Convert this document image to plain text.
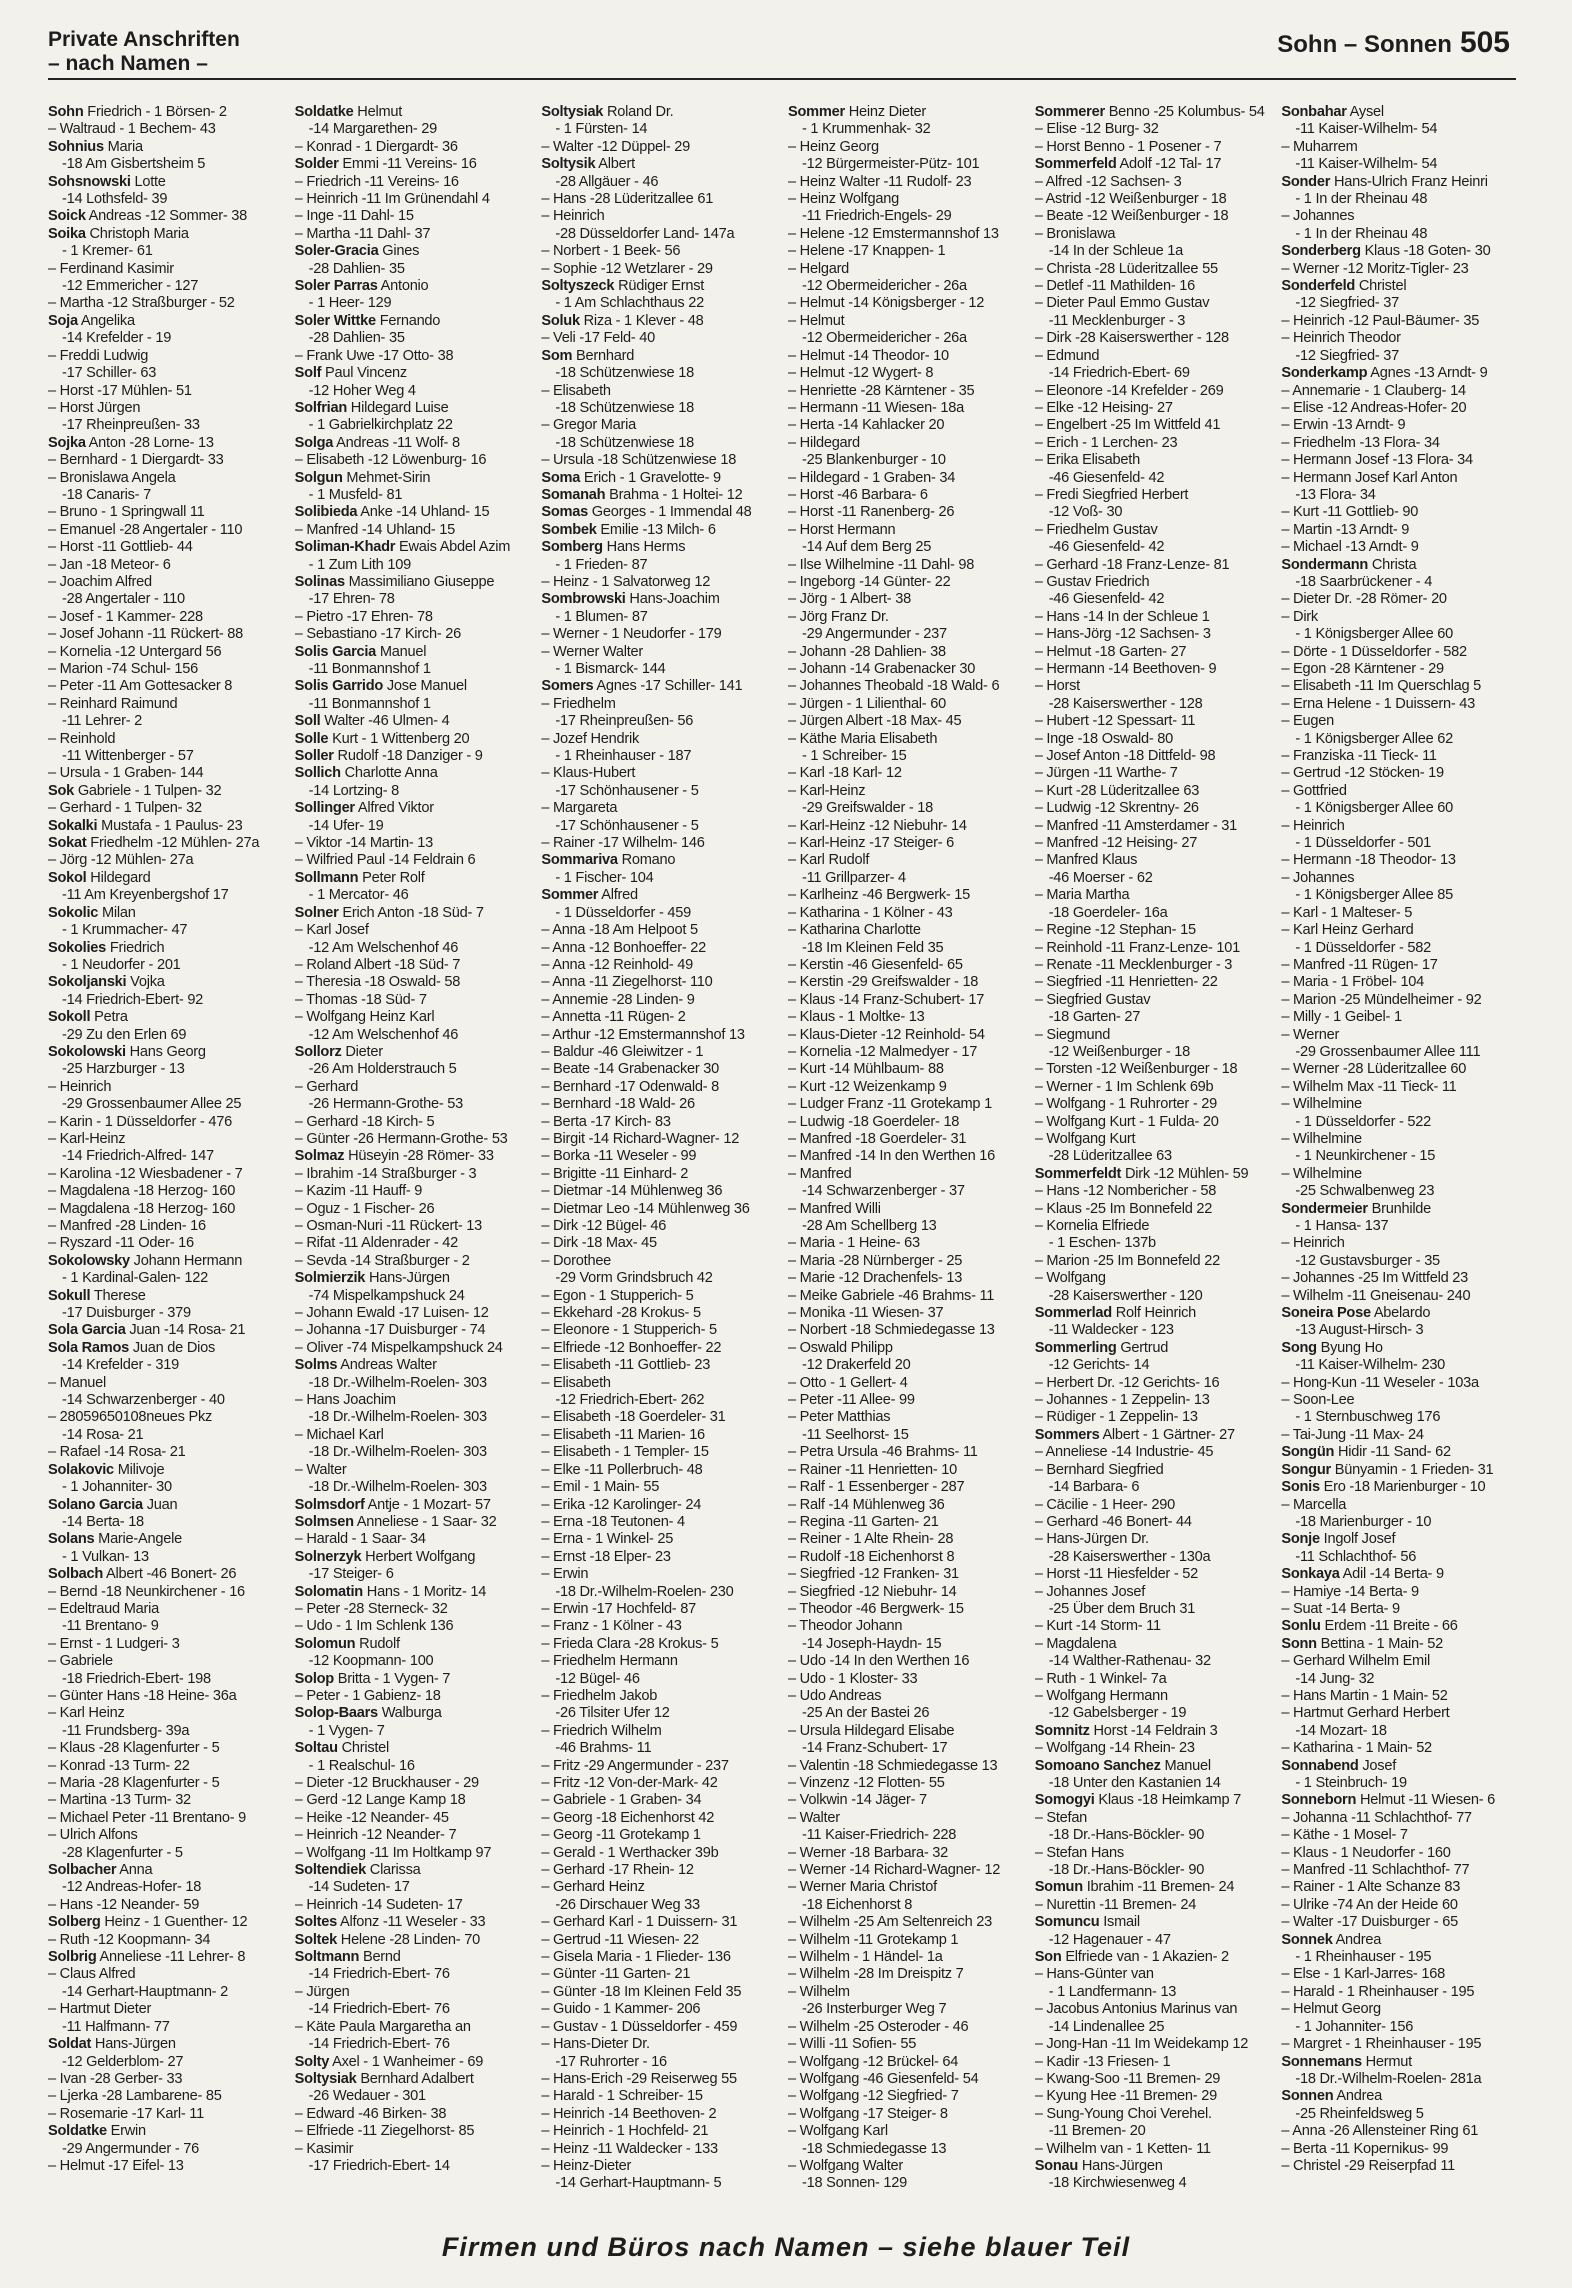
Private Anschriften
– nach Namen –
Sohn – Sonnen 505
Sohn Friedrich - 1 Börsen- 2
– Waltraud - 1 Bechem- 43
Sohnius Maria
-18 Am Gisbertsheim 5
Sohsnowski Lotte
-14 Lothsfeld- 39
Soick Andreas -12 Sommer- 38
Soika Christoph Maria
- 1 Kremer- 61
– Ferdinand Kasimir
-12 Emmericher - 127
– Martha -12 Straßburger - 52
Soja Angelika
-14 Krefelder - 19
– Freddi Ludwig
-17 Schiller- 63
– Horst -17 Mühlen- 51
– Horst Jürgen
-17 Rheinpreußen- 33
Sojka Anton -28 Lorne- 13
– Bernhard - 1 Diergardt- 33
– Bronislawa Angela
-18 Canaris- 7
– Bruno - 1 Springwall 11
– Emanuel -28 Angertaler - 110
– Horst -11 Gottlieb- 44
– Jan -18 Meteor- 6
– Joachim Alfred
-28 Angertaler - 110
– Josef - 1 Kammer- 228
– Josef Johann -11 Rückert- 88
– Kornelia -12 Untergard 56
– Marion -74 Schul- 156
– Peter -11 Am Gottesacker 8
– Reinhard Raimund
-11 Lehrer- 2
– Reinhold
-11 Wittenberger - 57
– Ursula - 1 Graben- 144
Sok Gabriele - 1 Tulpen- 32
– Gerhard - 1 Tulpen- 32
Sokalki Mustafa - 1 Paulus- 23
Sokat Friedhelm -12 Mühlen- 27a
– Jörg -12 Mühlen- 27a
Sokol Hildegard
-11 Am Kreyenbergshof 17
Sokolic Milan
- 1 Krummacher- 47
Sokolies Friedrich
- 1 Neudorfer - 201
Sokoljanski Vojka
-14 Friedrich-Ebert- 92
Sokoll Petra
-29 Zu den Erlen 69
Sokolowski Hans Georg
-25 Harzburger - 13
– Heinrich
-29 Grossenbaumer Allee 25
– Karin - 1 Düsseldorfer - 476
– Karl-Heinz
-14 Friedrich-Alfred- 147
– Karolina -12 Wiesbadener - 7
– Magdalena -18 Herzog- 160
– Magdalena -18 Herzog- 160
– Manfred -28 Linden- 16
– Ryszard -11 Oder- 16
Sokolowsky Johann Hermann
- 1 Kardinal-Galen- 122
Sokull Therese
-17 Duisburger - 379
Sola Garcia Juan -14 Rosa- 21
Sola Ramos Juan de Dios
-14 Krefelder - 319
– Manuel
-14 Schwarzenberger - 40
– 28059650108neues Pkz
-14 Rosa- 21
– Rafael -14 Rosa- 21
Solakovic Milivoje
- 1 Johanniter- 30
Solano Garcia Juan
-14 Berta- 18
Solans Marie-Angele
- 1 Vulkan- 13
Solbach Albert -46 Bonert- 26
– Bernd -18 Neunkirchener - 16
– Edeltraud Maria
-11 Brentano- 9
– Ernst - 1 Ludgeri- 3
– Gabriele
-18 Friedrich-Ebert- 198
– Günter Hans -18 Heine- 36a
– Karl Heinz
-11 Frundsberg- 39a
– Klaus -28 Klagenfurter - 5
– Konrad -13 Turm- 22
– Maria -28 Klagenfurter - 5
– Martina -13 Turm- 32
– Michael Peter -11 Brentano- 9
– Ulrich Alfons
-28 Klagenfurter - 5
Solbacher Anna
-12 Andreas-Hofer- 18
– Hans -12 Neander- 59
Solberg Heinz - 1 Guenther- 12
– Ruth -12 Koopmann- 34
Solbrig Anneliese -11 Lehrer- 8
– Claus Alfred
-14 Gerhart-Hauptmann- 2
– Hartmut Dieter
-11 Halfmann- 77
Soldat Hans-Jürgen
-12 Gelderblom- 27
– Ivan -28 Gerber- 33
– Ljerka -28 Lambarene- 85
– Rosemarie -17 Karl- 11
Soldatke Erwin
-29 Angermunder - 76
– Helmut -17 Eifel- 13
Soldatke Helmut
-14 Margarethen- 29
– Konrad - 1 Diergardt- 36
Solder Emmi -11 Vereins- 16
– Friedrich -11 Vereins- 16
– Heinrich -11 Im Grünendahl 4
– Inge -11 Dahl- 15
– Martha -11 Dahl- 37
Soler-Gracia Gines
-28 Dahlien- 35
Soler Parras Antonio
- 1 Heer- 129
Soler Wittke Fernando
-28 Dahlien- 35
– Frank Uwe -17 Otto- 38
Solf Paul Vincenz
-12 Hoher Weg 4
Solfrian Hildegard Luise
- 1 Gabrielkirchplatz 22
Solga Andreas -11 Wolf- 8
– Elisabeth -12 Löwenburg- 16
Solgun Mehmet-Sirin
- 1 Musfeld- 81
Solibieda Anke -14 Uhland- 15
– Manfred -14 Uhland- 15
Soliman-Khadr Ewais Abdel Azim
- 1 Zum Lith 109
Solinas Massimiliano Giuseppe
-17 Ehren- 78
– Pietro -17 Ehren- 78
– Sebastiano -17 Kirch- 26
Solis Garcia Manuel
-11 Bonmannshof 1
Solis Garrido Jose Manuel
-11 Bonmannshof 1
Soll Walter -46 Ulmen- 4
Solle Kurt - 1 Wittenberg 20
Soller Rudolf -18 Danziger - 9
Sollich Charlotte Anna
-14 Lortzing- 8
Sollinger Alfred Viktor
-14 Ufer- 19
– Viktor -14 Martin- 13
– Wilfried Paul -14 Feldrain 6
Sollmann Peter Rolf
- 1 Mercator- 46
Solner Erich Anton -18 Süd- 7
– Karl Josef
-12 Am Welschenhof 46
– Roland Albert -18 Süd- 7
– Theresia -18 Oswald- 58
– Thomas -18 Süd- 7
– Wolfgang Heinz Karl
-12 Am Welschenhof 46
Sollorz Dieter
-26 Am Holderstrauch 5
– Gerhard
-26 Hermann-Grothe- 53
– Gerhard -18 Kirch- 5
– Günter -26 Hermann-Grothe- 53
Solmaz Hüseyin -28 Römer- 33
– Ibrahim -14 Straßburger - 3
– Kazim -11 Hauff- 9
– Oguz - 1 Fischer- 26
– Osman-Nuri -11 Rückert- 13
– Rifat -11 Aldenrader - 42
– Sevda -14 Straßburger - 2
Solmierzik Hans-Jürgen
-74 Mispelkampshuck 24
– Johann Ewald -17 Luisen- 12
– Johanna -17 Duisburger - 74
– Oliver -74 Mispelkampshuck 24
Solms Andreas Walter
-18 Dr.-Wilhelm-Roelen- 303
– Hans Joachim
-18 Dr.-Wilhelm-Roelen- 303
– Michael Karl
-18 Dr.-Wilhelm-Roelen- 303
– Walter
-18 Dr.-Wilhelm-Roelen- 303
Solmsdorf Antje - 1 Mozart- 57
Solmsen Anneliese - 1 Saar- 32
– Harald - 1 Saar- 34
Solnerzyk Herbert Wolfgang
-17 Steiger- 6
Solomatin Hans - 1 Moritz- 14
– Peter -28 Sterneck- 32
– Udo - 1 Im Schlenk 136
Solomun Rudolf
-12 Koopmann- 100
Solop Britta - 1 Vygen- 7
– Peter - 1 Gabienz- 18
Solop-Baars Walburga
- 1 Vygen- 7
Soltau Christel
- 1 Realschul- 16
– Dieter -12 Bruckhauser - 29
– Gerd -12 Lange Kamp 18
– Heike -12 Neander- 45
– Heinrich -12 Neander- 7
– Wolfgang -11 Im Holtkamp 97
Soltendiek Clarissa
-14 Sudeten- 17
– Heinrich -14 Sudeten- 17
Soltes Alfonz -11 Weseler - 33
Soltek Helene -28 Linden- 70
Soltmann Bernd
-14 Friedrich-Ebert- 76
– Jürgen
-14 Friedrich-Ebert- 76
– Käte Paula Margaretha an
-14 Friedrich-Ebert- 76
Solty Axel - 1 Wanheimer - 69
Soltysiak Bernhard Adalbert
-26 Wedauer - 301
– Edward -46 Birken- 38
– Elfriede -11 Ziegelhorst- 85
– Kasimir
-17 Friedrich-Ebert- 14
Soltysiak Roland Dr.
- 1 Fürsten- 14
– Walter -12 Düppel- 29
Soltysik Albert
-28 Allgäuer - 46
– Hans -28 Lüderitzallee 61
– Heinrich
-28 Düsseldorfer Land- 147a
– Norbert - 1 Beek- 56
– Sophie -12 Wetzlarer - 29
Soltyszeck Rüdiger Ernst
- 1 Am Schlachthaus 22
Soluk Riza - 1 Klever - 48
– Veli -17 Feld- 40
Som Bernhard
-18 Schützenwiese 18
– Elisabeth
-18 Schützenwiese 18
– Gregor Maria
-18 Schützenwiese 18
– Ursula -18 Schützenwiese 18
Soma Erich - 1 Gravelotte- 9
Somanah Brahma - 1 Holtei- 12
Somas Georges - 1 Immendal 48
Sombek Emilie -13 Milch- 6
Somberg Hans Herms
- 1 Frieden- 87
– Heinz - 1 Salvatorweg 12
Sombrowski Hans-Joachim
- 1 Blumen- 87
– Werner - 1 Neudorfer - 179
– Werner Walter
- 1 Bismarck- 144
Somers Agnes -17 Schiller- 141
– Friedhelm
-17 Rheinpreußen- 56
– Jozef Hendrik
- 1 Rheinhauser - 187
– Klaus-Hubert
-17 Schönhausener - 5
– Margareta
-17 Schönhausener - 5
– Rainer -17 Wilhelm- 146
Sommariva Romano
- 1 Fischer- 104
Sommer Alfred
- 1 Düsseldorfer - 459
– Anna -18 Am Helpoot 5
– Anna -12 Bonhoeffer- 22
– Anna -12 Reinhold- 49
– Anna -11 Ziegelhorst- 110
– Annemie -28 Linden- 9
– Annetta -11 Rügen- 2
– Arthur -12 Emstermannshof 13
– Baldur -46 Gleiwitzer - 1
– Beate -14 Grabenacker 30
– Bernhard -17 Odenwald- 8
– Bernhard -18 Wald- 26
– Berta -17 Kirch- 83
– Birgit -14 Richard-Wagner- 12
– Borka -11 Weseler - 99
– Brigitte -11 Einhard- 2
– Dietmar -14 Mühlenweg 36
– Dietmar Leo -14 Mühlenweg 36
– Dirk -12 Bügel- 46
– Dirk -18 Max- 45
– Dorothee
-29 Vorm Grindsbruch 42
– Egon - 1 Stupperich- 5
– Ekkehard -28 Krokus- 5
– Eleonore - 1 Stupperich- 5
– Elfriede -12 Bonhoeffer- 22
– Elisabeth -11 Gottlieb- 23
– Elisabeth
-12 Friedrich-Ebert- 262
– Elisabeth -18 Goerdeler- 31
– Elisabeth -11 Marien- 16
– Elisabeth - 1 Templer- 15
– Elke -11 Pollerbruch- 48
– Emil - 1 Main- 55
– Erika -12 Karolinger- 24
– Erna -18 Teutonen- 4
– Erna - 1 Winkel- 25
– Ernst -18 Elper- 23
– Erwin
-18 Dr.-Wilhelm-Roelen- 230
– Erwin -17 Hochfeld- 87
– Franz - 1 Kölner - 43
– Frieda Clara -28 Krokus- 5
– Friedhelm Hermann
-12 Bügel- 46
– Friedhelm Jakob
-26 Tilsiter Ufer 12
– Friedrich Wilhelm
-46 Brahms- 11
– Fritz -29 Angermunder - 237
– Fritz -12 Von-der-Mark- 42
– Gabriele - 1 Graben- 34
– Georg -18 Eichenhorst 42
– Georg -11 Grotekamp 1
– Gerald - 1 Werthacker 39b
– Gerhard -17 Rhein- 12
– Gerhard Heinz
-26 Dirschauer Weg 33
– Gerhard Karl - 1 Duissern- 31
– Gertrud -11 Wiesen- 22
– Gisela Maria - 1 Flieder- 136
– Günter -11 Garten- 21
– Günter -18 Im Kleinen Feld 35
– Guido - 1 Kammer- 206
– Gustav - 1 Düsseldorfer - 459
– Hans-Dieter Dr.
-17 Ruhrorter - 16
– Hans-Erich -29 Reiserweg 55
– Harald - 1 Schreiber- 15
– Heinrich -14 Beethoven- 2
– Heinrich - 1 Hochfeld- 21
– Heinz -11 Waldecker - 133
– Heinz-Dieter
-14 Gerhart-Hauptmann- 5
Sommer Heinz Dieter
- 1 Krummenhak- 32
– Heinz Georg
-12 Bürgermeister-Pütz- 101
– Heinz Walter -11 Rudolf- 23
– Heinz Wolfgang
-11 Friedrich-Engels- 29
– Helene -12 Emstermannshof 13
– Helene -17 Knappen- 1
– Helgard
-12 Obermeidericher - 26a
– Helmut -14 Königsberger - 12
– Helmut
-12 Obermeidericher - 26a
– Helmut -14 Theodor- 10
– Helmut -12 Wygert- 8
– Henriette -28 Kärntener - 35
– Hermann -11 Wiesen- 18a
– Herta -14 Kahlacker 20
– Hildegard
-25 Blankenburger - 10
– Hildegard - 1 Graben- 34
– Horst -46 Barbara- 6
– Horst -11 Ranenberg- 26
– Horst Hermann
-14 Auf dem Berg 25
– Ilse Wilhelmine -11 Dahl- 98
– Ingeborg -14 Günter- 22
– Jörg - 1 Albert- 38
– Jörg Franz Dr.
-29 Angermunder - 237
– Johann -28 Dahlien- 38
– Johann -14 Grabenacker 30
– Johannes Theobald -18 Wald- 6
– Jürgen - 1 Lilienthal- 60
– Jürgen Albert -18 Max- 45
– Käthe Maria Elisabeth
- 1 Schreiber- 15
– Karl -18 Karl- 12
– Karl-Heinz
-29 Greifswalder - 18
– Karl-Heinz -12 Niebuhr- 14
– Karl-Heinz -17 Steiger- 6
– Karl Rudolf
-11 Grillparzer- 4
– Karlheinz -46 Bergwerk- 15
– Katharina - 1 Kölner - 43
– Katharina Charlotte
-18 Im Kleinen Feld 35
– Kerstin -46 Giesenfeld- 65
– Kerstin -29 Greifswalder - 18
– Klaus -14 Franz-Schubert- 17
– Klaus - 1 Moltke- 13
– Klaus-Dieter -12 Reinhold- 54
– Kornelia -12 Malmedyer - 17
– Kurt -14 Mühlbaum- 88
– Kurt -12 Weizenkamp 9
– Ludger Franz -11 Grotekamp 1
– Ludwig -18 Goerdeler- 18
– Manfred -18 Goerdeler- 31
– Manfred -14 In den Werthen 16
– Manfred
-14 Schwarzenberger - 37
– Manfred Willi
-28 Am Schellberg 13
– Maria - 1 Heine- 63
– Maria -28 Nürnberger - 25
– Marie -12 Drachenfels- 13
– Meike Gabriele -46 Brahms- 11
– Monika -11 Wiesen- 37
– Norbert -18 Schmiedegasse 13
– Oswald Philipp
-12 Drakerfeld 20
– Otto - 1 Gellert- 4
– Peter -11 Allee- 99
– Peter Matthias
-11 Seelhorst- 15
– Petra Ursula -46 Brahms- 11
– Rainer -11 Henrietten- 10
– Ralf - 1 Essenberger - 287
– Ralf -14 Mühlenweg 36
– Regina -11 Garten- 21
– Reiner - 1 Alte Rhein- 28
– Rudolf -18 Eichenhorst 8
– Siegfried -12 Franken- 31
– Siegfried -12 Niebuhr- 14
– Theodor -46 Bergwerk- 15
– Theodor Johann
-14 Joseph-Haydn- 15
– Udo -14 In den Werthen 16
– Udo - 1 Kloster- 33
– Udo Andreas
-25 An der Bastei 26
– Ursula Hildegard Elisabe
-14 Franz-Schubert- 17
– Valentin -18 Schmiedegasse 13
– Vinzenz -12 Flotten- 55
– Volkwin -14 Jäger- 7
– Walter
-11 Kaiser-Friedrich- 228
– Werner -18 Barbara- 32
– Werner -14 Richard-Wagner- 12
– Werner Maria Christof
-18 Eichenhorst 8
– Wilhelm -25 Am Seltenreich 23
– Wilhelm -11 Grotekamp 1
– Wilhelm - 1 Händel- 1a
– Wilhelm -28 Im Dreispitz 7
– Wilhelm
-26 Insterburger Weg 7
– Wilhelm -25 Osteroder - 46
– Willi -11 Sofien- 55
– Wolfgang -12 Brückel- 64
– Wolfgang -46 Giesenfeld- 54
– Wolfgang -12 Siegfried- 7
– Wolfgang -17 Steiger- 8
– Wolfgang Karl
-18 Schmiedegasse 13
– Wolfgang Walter
-18 Sonnen- 129
Sommerer Benno -25 Kolumbus- 54
– Elise -12 Burg- 32
– Horst Benno - 1 Posener - 7
Sommerfeld Adolf -12 Tal- 17
– Alfred -12 Sachsen- 3
– Astrid -12 Weißenburger - 18
– Beate -12 Weißenburger - 18
– Bronislawa
-14 In der Schleue 1a
– Christa -28 Lüderitzallee 55
– Detlef -11 Mathilden- 16
– Dieter Paul Emmo Gustav
-11 Mecklenburger - 3
– Dirk -28 Kaiserswerther - 128
– Edmund
-14 Friedrich-Ebert- 69
– Eleonore -14 Krefelder - 269
– Elke -12 Heising- 27
– Engelbert -25 Im Wittfeld 41
– Erich - 1 Lerchen- 23
– Erika Elisabeth
-46 Giesenfeld- 42
– Fredi Siegfried Herbert
-12 Voß- 30
– Friedhelm Gustav
-46 Giesenfeld- 42
– Gerhard -18 Franz-Lenze- 81
– Gustav Friedrich
-46 Giesenfeld- 42
– Hans -14 In der Schleue 1
– Hans-Jörg -12 Sachsen- 3
– Helmut -18 Garten- 27
– Hermann -14 Beethoven- 9
– Horst
-28 Kaiserswerther - 128
– Hubert -12 Spessart- 11
– Inge -18 Oswald- 80
– Josef Anton -18 Dittfeld- 98
– Jürgen -11 Warthe- 7
– Kurt -28 Lüderitzallee 63
– Ludwig -12 Skrentny- 26
– Manfred -11 Amsterdamer - 31
– Manfred -12 Heising- 27
– Manfred Klaus
-46 Moerser - 62
– Maria Martha
-18 Goerdeler- 16a
– Regine -12 Stephan- 15
– Reinhold -11 Franz-Lenze- 101
– Renate -11 Mecklenburger - 3
– Siegfried -11 Henrietten- 22
– Siegfried Gustav
-18 Garten- 27
– Siegmund
-12 Weißenburger - 18
– Torsten -12 Weißenburger - 18
– Werner - 1 Im Schlenk 69b
– Wolfgang - 1 Ruhrorter - 29
– Wolfgang Kurt - 1 Fulda- 20
– Wolfgang Kurt
-28 Lüderitzallee 63
Sommerfeldt Dirk -12 Mühlen- 59
– Hans -12 Nombericher - 58
– Klaus -25 Im Bonnefeld 22
– Kornelia Elfriede
- 1 Eschen- 137b
– Marion -25 Im Bonnefeld 22
– Wolfgang
-28 Kaiserswerther - 120
Sommerlad Rolf Heinrich
-11 Waldecker - 123
Sommerling Gertrud
-12 Gerichts- 14
– Herbert Dr. -12 Gerichts- 16
– Johannes - 1 Zeppelin- 13
– Rüdiger - 1 Zeppelin- 13
Sommers Albert - 1 Gärtner- 27
– Anneliese -14 Industrie- 45
– Bernhard Siegfried
-14 Barbara- 6
– Cäcilie - 1 Heer- 290
– Gerhard -46 Bonert- 44
– Hans-Jürgen Dr.
-28 Kaiserswerther - 130a
– Horst -11 Hiesfelder - 52
– Johannes Josef
-25 Über dem Bruch 31
– Kurt -14 Storm- 11
– Magdalena
-14 Walther-Rathenau- 32
– Ruth - 1 Winkel- 7a
– Wolfgang Hermann
-12 Gabelsberger - 19
Somnitz Horst -14 Feldrain 3
– Wolfgang -14 Rhein- 23
Somoano Sanchez Manuel
-18 Unter den Kastanien 14
Somogyi Klaus -18 Heimkamp 7
– Stefan
-18 Dr.-Hans-Böckler- 90
– Stefan Hans
-18 Dr.-Hans-Böckler- 90
Somun Ibrahim -11 Bremen- 24
– Nurettin -11 Bremen- 24
Somuncu Ismail
-12 Hagenauer - 47
Son Elfriede van - 1 Akazien- 2
– Hans-Günter van
- 1 Landfermann- 13
– Jacobus Antonius Marinus van
-14 Lindenallee 25
– Jong-Han -11 Im Weidekamp 12
– Kadir -13 Friesen- 1
– Kwang-Soo -11 Bremen- 29
– Kyung Hee -11 Bremen- 29
– Sung-Young Choi Verehel.
-11 Bremen- 20
– Wilhelm van - 1 Ketten- 11
Sonau Hans-Jürgen
-18 Kirchwiesenweg 4
Sonbahar Aysel
-11 Kaiser-Wilhelm- 54
– Muharrem
-11 Kaiser-Wilhelm- 54
Sonder Hans-Ulrich Franz Heinri
- 1 In der Rheinau 48
– Johannes
- 1 In der Rheinau 48
Sonderberg Klaus -18 Goten- 30
– Werner -12 Moritz-Tigler- 23
Sonderfeld Christel
-12 Siegfried- 37
– Heinrich -12 Paul-Bäumer- 35
– Heinrich Theodor
-12 Siegfried- 37
Sonderkamp Agnes -13 Arndt- 9
– Annemarie - 1 Clauberg- 14
– Elise -12 Andreas-Hofer- 20
– Erwin -13 Arndt- 9
– Friedhelm -13 Flora- 34
– Hermann Josef -13 Flora- 34
– Hermann Josef Karl Anton
-13 Flora- 34
– Kurt -11 Gottlieb- 90
– Martin -13 Arndt- 9
– Michael -13 Arndt- 9
Sondermann Christa
-18 Saarbrückener - 4
– Dieter Dr. -28 Römer- 20
– Dirk
- 1 Königsberger Allee 60
– Dörte - 1 Düsseldorfer - 582
– Egon -28 Kärntener - 29
– Elisabeth -11 Im Querschlag 5
– Erna Helene - 1 Duissern- 43
– Eugen
- 1 Königsberger Allee 62
– Franziska -11 Tieck- 11
– Gertrud -12 Stöcken- 19
– Gottfried
- 1 Königsberger Allee 60
– Heinrich
- 1 Düsseldorfer - 501
– Hermann -18 Theodor- 13
– Johannes
- 1 Königsberger Allee 85
– Karl - 1 Malteser- 5
– Karl Heinz Gerhard
- 1 Düsseldorfer - 582
– Manfred -11 Rügen- 17
– Maria - 1 Fröbel- 104
– Marion -25 Mündelheimer - 92
– Milly - 1 Geibel- 1
– Werner
-29 Grossenbaumer Allee 111
– Werner -28 Lüderitzallee 60
– Wilhelm Max -11 Tieck- 11
– Wilhelmine
- 1 Düsseldorfer - 522
– Wilhelmine
- 1 Neunkirchener - 15
– Wilhelmine
-25 Schwalbenweg 23
Sondermeier Brunhilde
- 1 Hansa- 137
– Heinrich
-12 Gustavsburger - 35
– Johannes -25 Im Wittfeld 23
– Wilhelm -11 Gneisenau- 240
Soneira Pose Abelardo
-13 August-Hirsch- 3
Song Byung Ho
-11 Kaiser-Wilhelm- 230
– Hong-Kun -11 Weseler - 103a
– Soon-Lee
- 1 Sternbuschweg 176
– Tai-Jung -11 Max- 24
Songün Hidir -11 Sand- 62
Songur Bünyamin - 1 Frieden- 31
Sonis Ero -18 Marienburger - 10
– Marcella
-18 Marienburger - 10
Sonje Ingolf Josef
-11 Schlachthof- 56
Sonkaya Adil -14 Berta- 9
– Hamiye -14 Berta- 9
– Suat -14 Berta- 9
Sonlu Erdem -11 Breite - 66
Sonn Bettina - 1 Main- 52
– Gerhard Wilhelm Emil
-14 Jung- 32
– Hans Martin - 1 Main- 52
– Hartmut Gerhard Herbert
-14 Mozart- 18
– Katharina - 1 Main- 52
Sonnabend Josef
- 1 Steinbruch- 19
Sonneborn Helmut -11 Wiesen- 6
– Johanna -11 Schlachthof- 77
– Käthe - 1 Mosel- 7
– Klaus - 1 Neudorfer - 160
– Manfred -11 Schlachthof- 77
– Rainer - 1 Alte Schanze 83
– Ulrike -74 An der Heide 60
– Walter -17 Duisburger - 65
Sonnek Andrea
- 1 Rheinhauser - 195
– Else - 1 Karl-Jarres- 168
– Harald - 1 Rheinhauser - 195
– Helmut Georg
- 1 Johanniter- 156
– Margret - 1 Rheinhauser - 195
Sonnemans Hermut
-18 Dr.-Wilhelm-Roelen- 281a
Sonnen Andrea
-25 Rheinfeldsweg 5
– Anna -26 Allensteiner Ring 61
– Berta -11 Kopernikus- 99
– Christel -29 Reiserpfad 11
Firmen und Büros nach Namen – siehe blauer Teil
